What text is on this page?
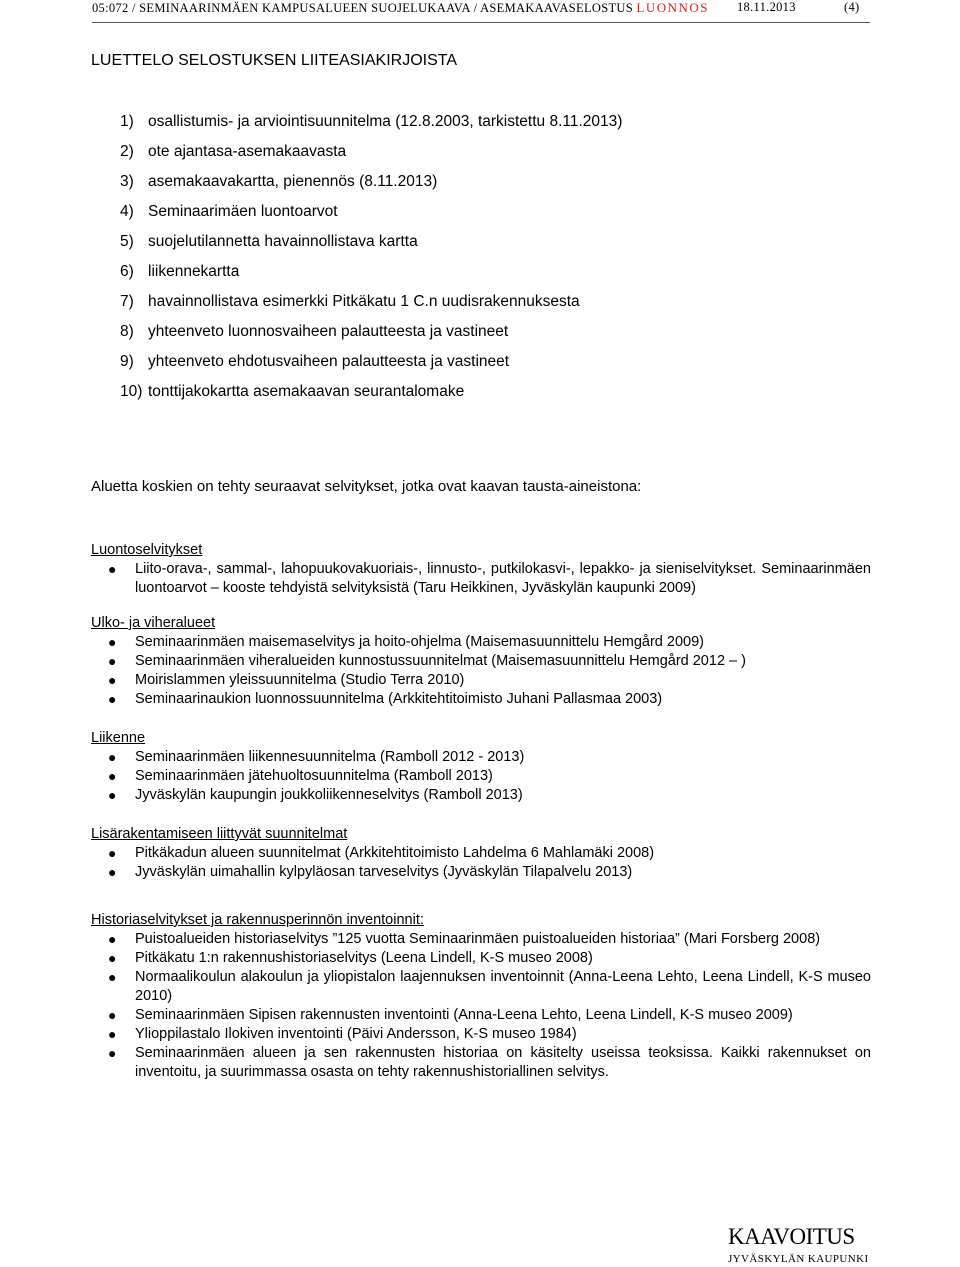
05:072 / SEMINAARINMÄEN KAMPUSALUEEN SUOJELUKAAVA / ASEMAKAAVASELOSTUS LUONNOS 18.11.2013	(4)
LUETTELO SELOSTUKSEN LIITEASIAKIRJOISTA
1) osallistumis- ja arviointisuunnitelma (12.8.2003, tarkistettu 8.11.2013)
2) ote ajantasa-asemakaavasta
3) asemakaavakartta, pienennös (8.11.2013)
4) Seminaarimäen luontoarvot
5) suojelutilannetta havainnollistava kartta
6) liikennekartta
7) havainnollistava esimerkki Pitkäkatu 1 C.n uudisrakennuksesta
8) yhteenveto luonnosvaiheen palautteesta ja vastineet
9) yhteenveto ehdotusvaiheen palautteesta ja vastineet
10) tonttijakokartta asemakaavan seurantalomake
Aluetta koskien on tehty seuraavat selvitykset, jotka ovat kaavan tausta-aineistona:
Luontoselvitykset
● Liito-orava-, sammal-, lahopuukovakuoriais-, linnusto-, putkilokasvi-, lepakko- ja sieniselvitykset. Seminaarinmäen luontoarvot – kooste tehdyistä selvityksistä (Taru Heikkinen, Jyväskylän kaupunki 2009)
Ulko- ja viheralueet
● Seminaarinmäen maisemaselvitys ja hoito-ohjelma (Maisemasuunnittelu Hemgård 2009)
● Seminaarinmäen viheralueiden kunnostussuunnitelmat (Maisemasuunnittelu Hemgård 2012 – )
● Moirislammen yleissuunnitelma (Studio Terra 2010)
● Seminaarinaukion luonnossuunnitelma (Arkkitehtitoimisto Juhani Pallasmaa 2003)
Liikenne
● Seminaarinmäen liikennesuunnitelma (Ramboll 2012 - 2013)
● Seminaarinmäen jätehuoltosuunnitelma (Ramboll 2013)
● Jyväskylän kaupungin joukkoliikenneselvitys (Ramboll 2013)
Lisärakentamiseen liittyvät suunnitelmat
● Pitkäkadun alueen suunnitelmat (Arkkitehtitoimisto Lahdelma 6 Mahlamäki 2008)
● Jyväskylän uimahallin kylpyläosan tarveselvitys (Jyväskylän Tilapalvelu 2013)
Historiaselvitykset ja rakennusperinnön inventoinnit:
● Puistoalueiden historiaselvitys ”125 vuotta Seminaarinmäen puistoalueiden historiaa” (Mari Forsberg 2008)
● Pitkäkatu 1:n rakennushistoriaselvitys (Leena Lindell, K-S museo 2008)
● Normaalikoulun alakoulun ja yliopistalon laajennuksen inventoinnit (Anna-Leena Lehto, Leena Lindell, K-S museo 2010)
● Seminaarinmäen Sipisen rakennusten inventointi (Anna-Leena Lehto, Leena Lindell, K-S museo 2009)
● Ylioppilastalo Ilokiven inventointi (Päivi Andersson, K-S museo 1984)
● Seminaarinmäen alueen ja sen rakennusten historiaa on käsitelty useissa teoksissa. Kaikki rakennukset on inventoitu, ja suurimmassa osasta on tehty rakennushistoriallinen selvitys.
KAAVOITUS
JYVÄSKYLÄN KAUPUNKI
